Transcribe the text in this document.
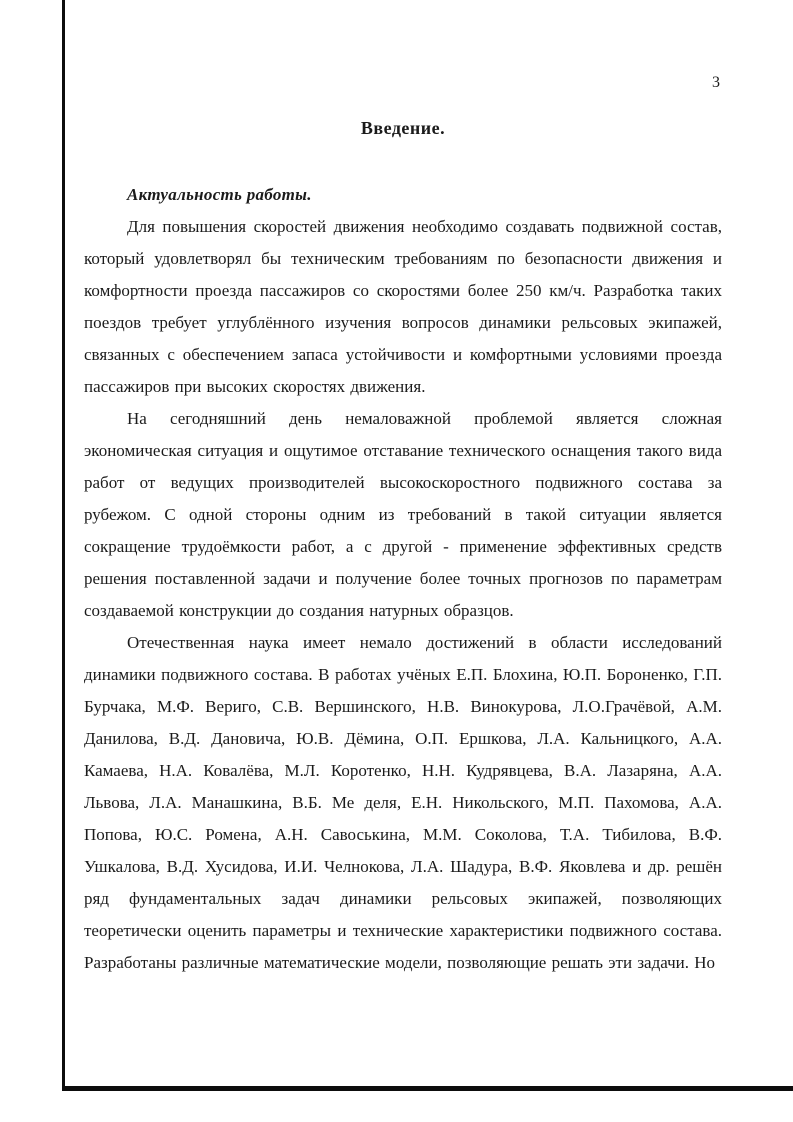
3
Введение.

Актуальность работы.

Для повышения скоростей движения необходимо создавать подвижной состав, который удовлетворял бы техническим требованиям по безопасности движения и комфортности проезда пассажиров со скоростями более 250 км/ч. Разработка таких поездов требует углублённого изучения вопросов динамики рельсовых экипажей, связанных с обеспечением запаса устойчивости и комфортными условиями проезда пассажиров при высоких скоростях движения.

На сегодняшний день немаловажной проблемой является сложная экономическая ситуация и ощутимое отставание технического оснащения такого вида работ от ведущих производителей высокоскоростного подвижного состава за рубежом. С одной стороны одним из требований в такой ситуации является сокращение трудоёмкости работ, а с другой - применение эффективных средств решения поставленной задачи и получение более точных прогнозов по параметрам создаваемой конструкции до создания натурных образцов.

Отечественная наука имеет немало достижений в области исследований динамики подвижного состава. В работах учёных Е.П. Блохина, Ю.П. Бороненко, Г.П. Бурчака, М.Ф. Вериго, С.В. Вершинского, Н.В. Винокурова, Л.О.Грачёвой, А.М. Данилова, В.Д. Дановича, Ю.В. Дёмина, О.П. Ершкова, Л.А. Кальницкого, А.А. Камаева, Н.А. Ковалёва, М.Л. Коротенко, Н.Н. Кудрявцева, В.А. Лазаряна, А.А. Львова, Л.А. Манашкина, В.Б. Ме деля, Е.Н. Никольского, М.П. Пахомова, А.А. Попова, Ю.С. Ромена, А.Н. Савоськина, М.М. Соколова, Т.А. Тибилова, В.Ф. Ушкалова, В.Д. Хусидова, И.И. Челнокова, Л.А. Шадура, В.Ф. Яковлева и др. решён ряд фундаментальных задач динамики рельсовых экипажей, позволяющих теоретически оценить параметры и технические характеристики подвижного состава. Разработаны различные математические модели, позволяющие решать эти задачи. Но
